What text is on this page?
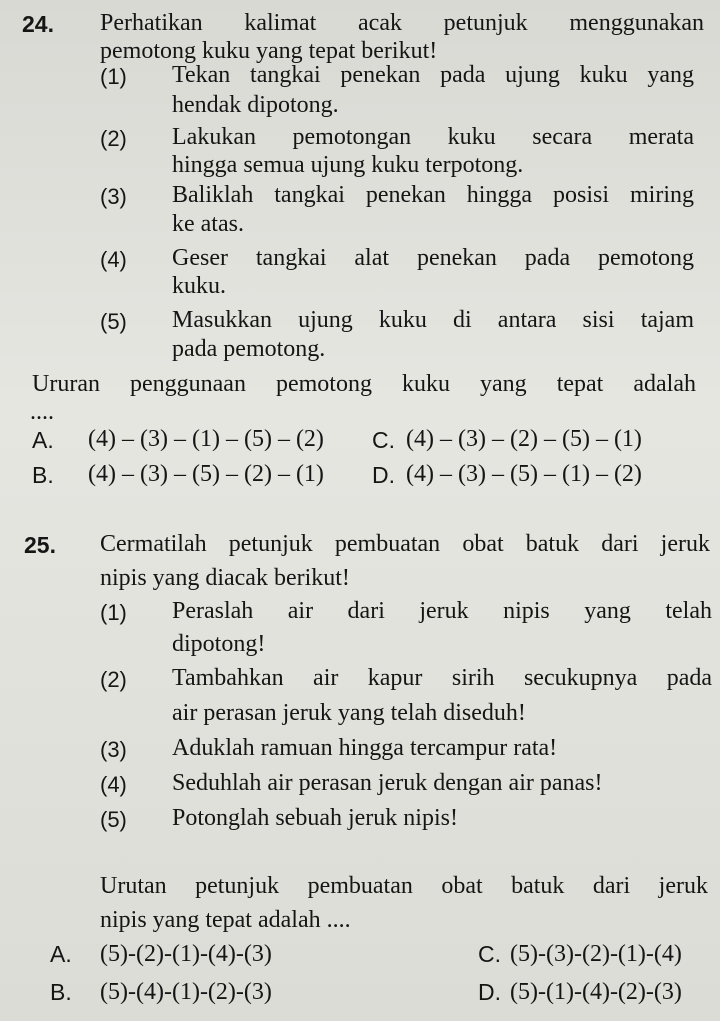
24. Perhatikan kalimat acak petunjuk menggunakan
pemotong kuku yang tepat berikut!
(1) Tekan tangkai penekan pada ujung kuku yang
hendak dipotong.
(2) Lakukan pemotongan kuku secara merata
hingga semua ujung kuku terpotong.
(3) Baliklah tangkai penekan hingga posisi miring
ke atas.
(4) Geser tangkai alat penekan pada pemotong
kuku.
(5) Masukkan ujung kuku di antara sisi tajam
pada pemotong.
Ururan penggunaan pemotong kuku yang tepat adalah
....
A. (4) – (3) – (1) – (5) – (2) C. (4) – (3) – (2) – (5) – (1)
B. (4) – (3) – (5) – (2) – (1) D. (4) – (3) – (5) – (1) – (2)
25. Cermatilah petunjuk pembuatan obat batuk dari jeruk
nipis yang diacak berikut!
(1) Peraslah air dari jeruk nipis yang telah
dipotong!
(2) Tambahkan air kapur sirih secukupnya pada
air perasan jeruk yang telah diseduh!
(3) Aduklah ramuan hingga tercampur rata!
(4) Seduhlah air perasan jeruk dengan air panas!
(5) Potonglah sebuah jeruk nipis!
Urutan petunjuk pembuatan obat batuk dari jeruk
nipis yang tepat adalah ....
A. (5)-(2)-(1)-(4)-(3)	C. (5)-(3)-(2)-(1)-(4)
B. (5)-(4)-(1)-(2)-(3)	D. (5)-(1)-(4)-(2)-(3)
